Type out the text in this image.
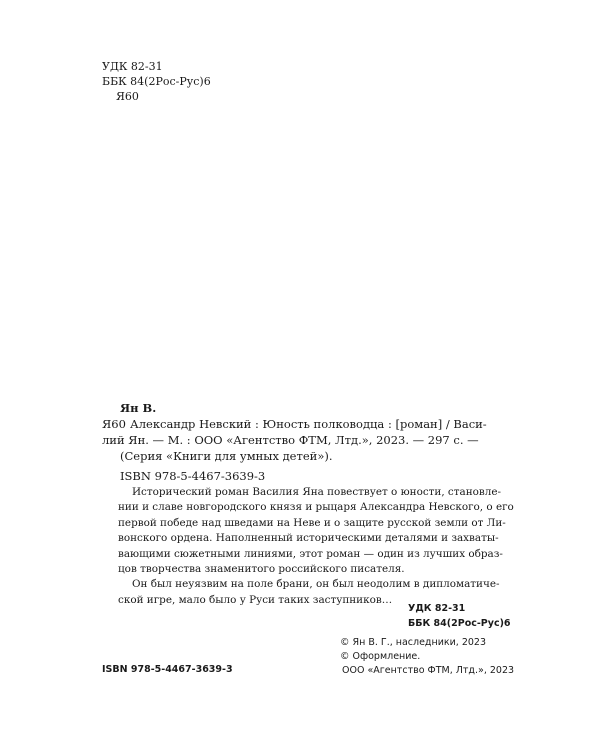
УДК 82-31
ББК 84(2Рос-Рус)6
Я60
Ян В.
Я60 Александр Невский : Юность полководца : [роман] / Васи-
лий Ян. — М. : ООО «Агентство ФТМ, Лтд.», 2023. — 297 с. —
(Серия «Книги для умных детей»).
ISBN 978-5-4467-3639-3
Исторический роман Василия Яна повествует о юности, становле-
нии и славе новгородского князя и рыцаря Александра Невского, о его
первой победе над шведами на Неве и о защите русской земли от Ли-
вонского ордена. Наполненный историческими деталями и захваты-
вающими сюжетными линиями, этот роман — один из лучших образ-
цов творчества знаменитого российского писателя.
Он был неуязвим на поле брани, он был неодолим в дипломатиче-
ской игре, мало было у Руси таких заступников…
УДК 82-31
ББК 84(2Рос-Рус)6
© Ян В. Г., наследники, 2023
© Оформление.
ООО «Агентство ФТМ, Лтд.», 2023
ISBN 978-5-4467-3639-3
